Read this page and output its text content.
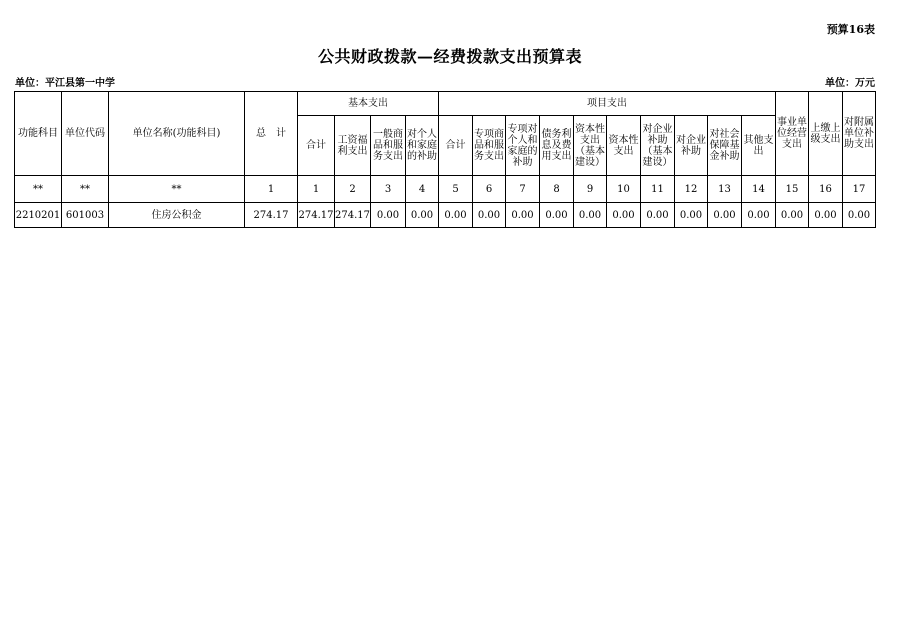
预算16表
公共财政拨款—经费拨款支出预算表
单位：平江县第一中学	单位：万元
功能科目	单位代码	单位名称(功能科目)	总　计	基本支出				项目支出										事业单位经营支出	上缴上级支出	对附属单位补助支出
				合计	工资福利支出	一般商品和服务支出	对个人和家庭的补助	合计	专项商品和服务支出	专项对个人和家庭的补助	债务利息及费用支出	资本性支出（基本建设）	资本性支出	对企业补助（基本建设）	对企业补助	对社会保障基金补助	其他支出			
**	**	**	1	1	2	3	4	5	6	7	8	9	10	11	12	13	14	15	16	17
2210201	601003	住房公积金	274.17	274.17	274.17	0.00	0.00	0.00	0.00	0.00	0.00	0.00	0.00	0.00	0.00	0.00	0.00	0.00	0.00	0.00
